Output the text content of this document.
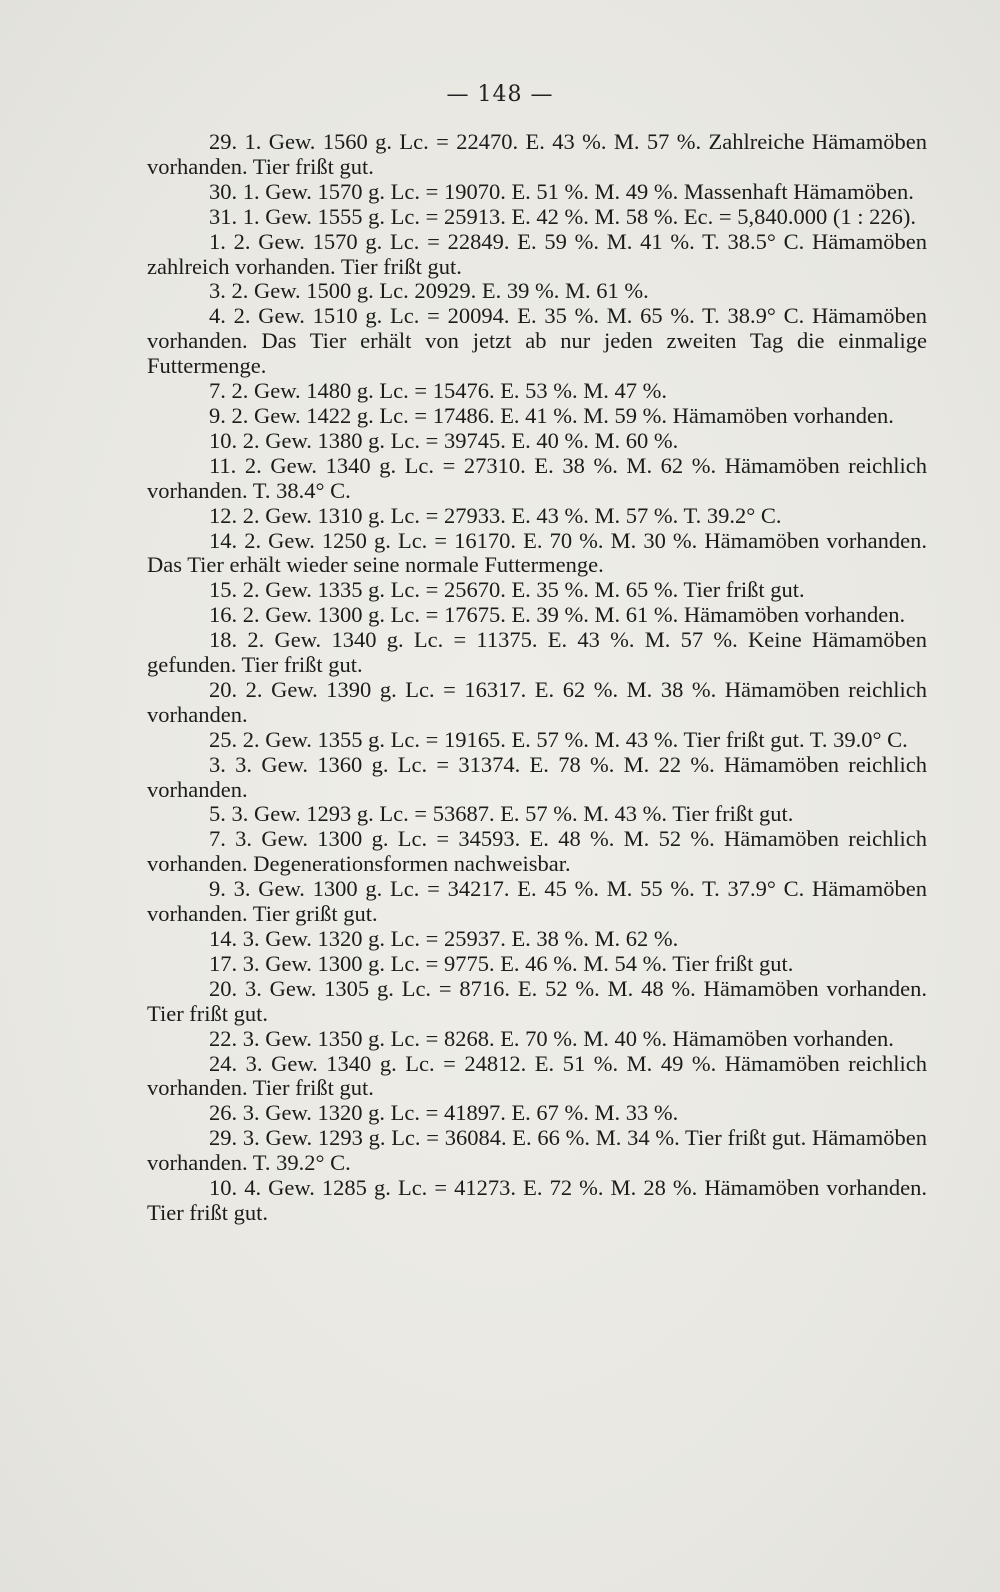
— 148 —

29. 1. Gew. 1560 g. Lc. = 22470. E. 43 %. M. 57 %. Zahlreiche Hämamöben vorhanden. Tier frißt gut.

30. 1. Gew. 1570 g. Lc. = 19070. E. 51 %. M. 49 %. Massenhaft Hämamöben.

31. 1. Gew. 1555 g. Lc. = 25913. E. 42 %. M. 58 %. Ec. = 5,840.000 (1 : 226).

1. 2. Gew. 1570 g. Lc. = 22849. E. 59 %. M. 41 %. T. 38.5° C. Hämamöben zahlreich vorhanden. Tier frißt gut.

3. 2. Gew. 1500 g. Lc. 20929. E. 39 %. M. 61 %.

4. 2. Gew. 1510 g. Lc. = 20094. E. 35 %. M. 65 %. T. 38.9° C. Hämamöben vorhanden. Das Tier erhält von jetzt ab nur jeden zweiten Tag die einmalige Futtermenge.

7. 2. Gew. 1480 g. Lc. = 15476. E. 53 %. M. 47 %.

9. 2. Gew. 1422 g. Lc. = 17486. E. 41 %. M. 59 %. Hämamöben vorhanden.

10. 2. Gew. 1380 g. Lc. = 39745. E. 40 %. M. 60 %.

11. 2. Gew. 1340 g. Lc. = 27310. E. 38 %. M. 62 %. Hämamöben reichlich vorhanden. T. 38.4° C.

12. 2. Gew. 1310 g. Lc. = 27933. E. 43 %. M. 57 %. T. 39.2° C.

14. 2. Gew. 1250 g. Lc. = 16170. E. 70 %. M. 30 %. Hämamöben vorhanden. Das Tier erhält wieder seine normale Futtermenge.

15. 2. Gew. 1335 g. Lc. = 25670. E. 35 %. M. 65 %. Tier frißt gut.

16. 2. Gew. 1300 g. Lc. = 17675. E. 39 %. M. 61 %. Hämamöben vorhanden.

18. 2. Gew. 1340 g. Lc. = 11375. E. 43 %. M. 57 %. Keine Hämamöben gefunden. Tier frißt gut.

20. 2. Gew. 1390 g. Lc. = 16317. E. 62 %. M. 38 %. Hämamöben reichlich vorhanden.

25. 2. Gew. 1355 g. Lc. = 19165. E. 57 %. M. 43 %. Tier frißt gut. T. 39.0° C.

3. 3. Gew. 1360 g. Lc. = 31374. E. 78 %. M. 22 %. Hämamöben reichlich vorhanden.

5. 3. Gew. 1293 g. Lc. = 53687. E. 57 %. M. 43 %. Tier frißt gut.

7. 3. Gew. 1300 g. Lc. = 34593. E. 48 %. M. 52 %. Hämamöben reichlich vorhanden. Degenerationsformen nachweisbar.

9. 3. Gew. 1300 g. Lc. = 34217. E. 45 %. M. 55 %. T. 37.9° C. Hämamöben vorhanden. Tier grißt gut.

14. 3. Gew. 1320 g. Lc. = 25937. E. 38 %. M. 62 %.

17. 3. Gew. 1300 g. Lc. = 9775. E. 46 %. M. 54 %. Tier frißt gut.

20. 3. Gew. 1305 g. Lc. = 8716. E. 52 %. M. 48 %. Hämamöben vorhanden. Tier frißt gut.

22. 3. Gew. 1350 g. Lc. = 8268. E. 70 %. M. 40 %. Hämamöben vorhanden.

24. 3. Gew. 1340 g. Lc. = 24812. E. 51 %. M. 49 %. Hämamöben reichlich vorhanden. Tier frißt gut.

26. 3. Gew. 1320 g. Lc. = 41897. E. 67 %. M. 33 %.

29. 3. Gew. 1293 g. Lc. = 36084. E. 66 %. M. 34 %. Tier frißt gut. Hämamöben vorhanden. T. 39.2° C.

10. 4. Gew. 1285 g. Lc. = 41273. E. 72 %. M. 28 %. Hämamöben vorhanden. Tier frißt gut.
